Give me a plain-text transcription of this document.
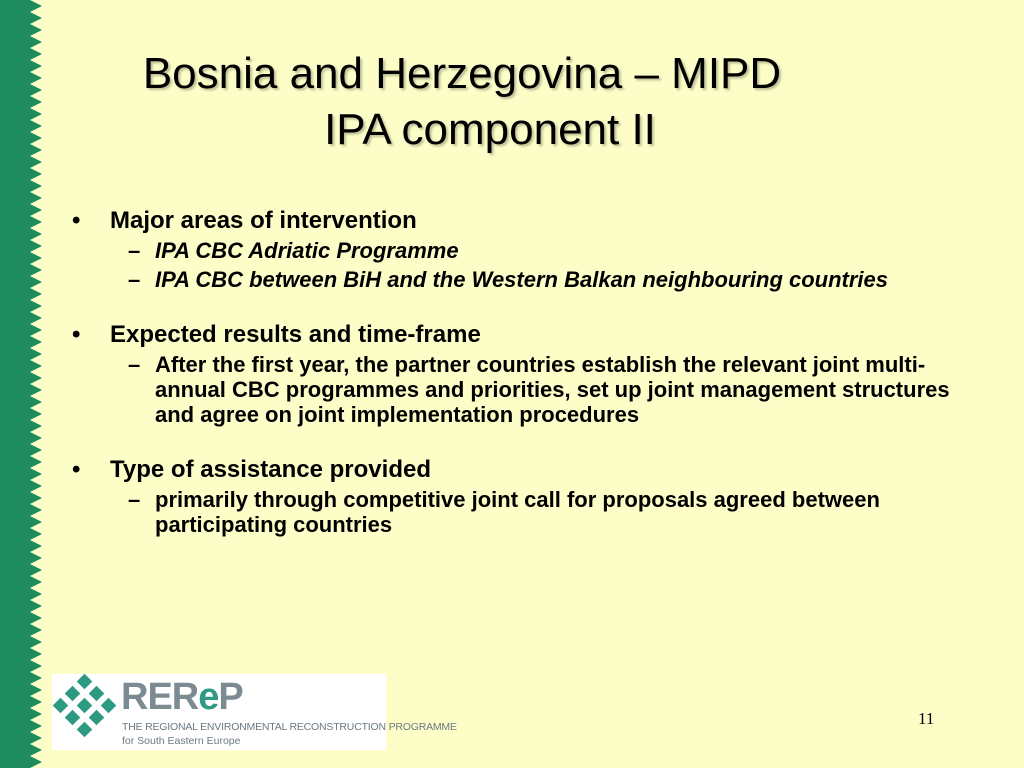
Bosnia and Herzegovina – MIPD
IPA component II
• Major areas of intervention
– IPA CBC Adriatic Programme
– IPA CBC between BiH and the Western Balkan neighbouring countries
• Expected results and time-frame
– After the first year, the partner countries establish the relevant joint multi-annual CBC programmes and priorities, set up joint management structures and agree on joint implementation procedures
• Type of assistance provided
– primarily through competitive joint call for proposals agreed between participating countries
REReP
THE REGIONAL ENVIRONMENTAL RECONSTRUCTION PROGRAMME
for South Eastern Europe
11
